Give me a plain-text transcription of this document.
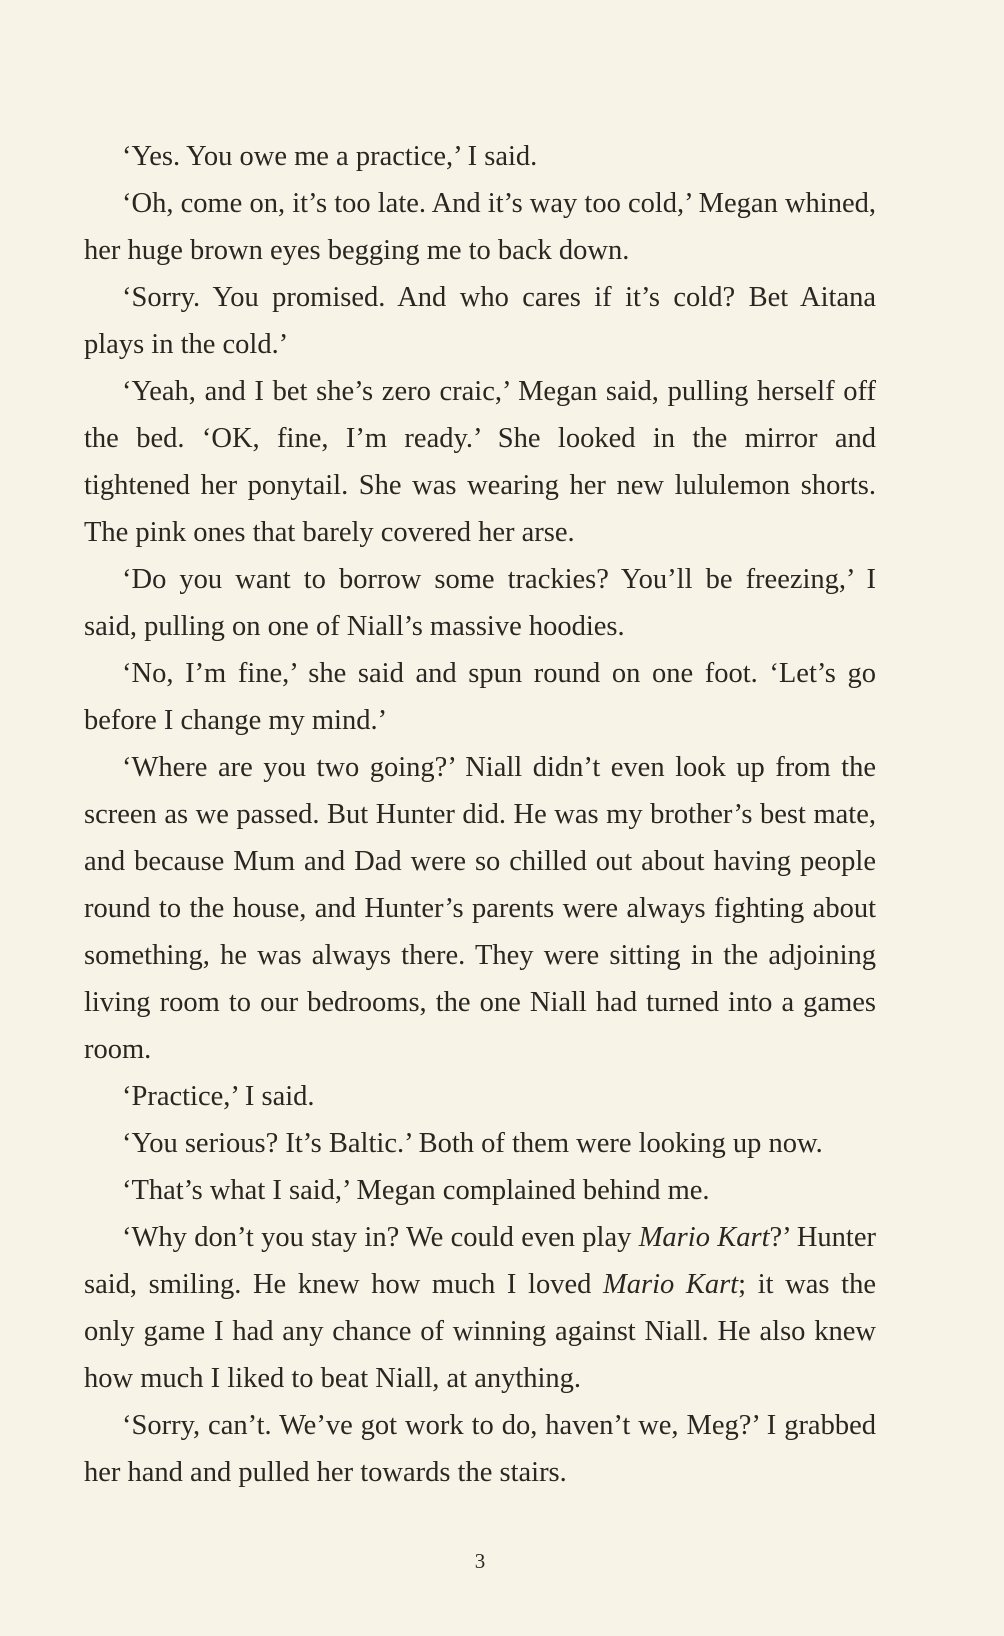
‘Yes. You owe me a practice,’ I said.

‘Oh, come on, it’s too late. And it’s way too cold,’ Megan whined, her huge brown eyes begging me to back down.

‘Sorry. You promised. And who cares if it’s cold? Bet Aitana plays in the cold.’

‘Yeah, and I bet she’s zero craic,’ Megan said, pulling herself off the bed. ‘OK, fine, I’m ready.’ She looked in the mirror and tightened her ponytail. She was wearing her new lululemon shorts. The pink ones that barely covered her arse.

‘Do you want to borrow some trackies? You’ll be freezing,’ I said, pulling on one of Niall’s massive hoodies.

‘No, I’m fine,’ she said and spun round on one foot. ‘Let’s go before I change my mind.’

‘Where are you two going?’ Niall didn’t even look up from the screen as we passed. But Hunter did. He was my brother’s best mate, and because Mum and Dad were so chilled out about having people round to the house, and Hunter’s parents were always fighting about something, he was always there. They were sitting in the adjoining living room to our bedrooms, the one Niall had turned into a games room.

‘Practice,’ I said.

‘You serious? It’s Baltic.’ Both of them were looking up now.

‘That’s what I said,’ Megan complained behind me.

‘Why don’t you stay in? We could even play Mario Kart?’ Hunter said, smiling. He knew how much I loved Mario Kart; it was the only game I had any chance of winning against Niall. He also knew how much I liked to beat Niall, at anything.

‘Sorry, can’t. We’ve got work to do, haven’t we, Meg?’ I grabbed her hand and pulled her towards the stairs.

3
